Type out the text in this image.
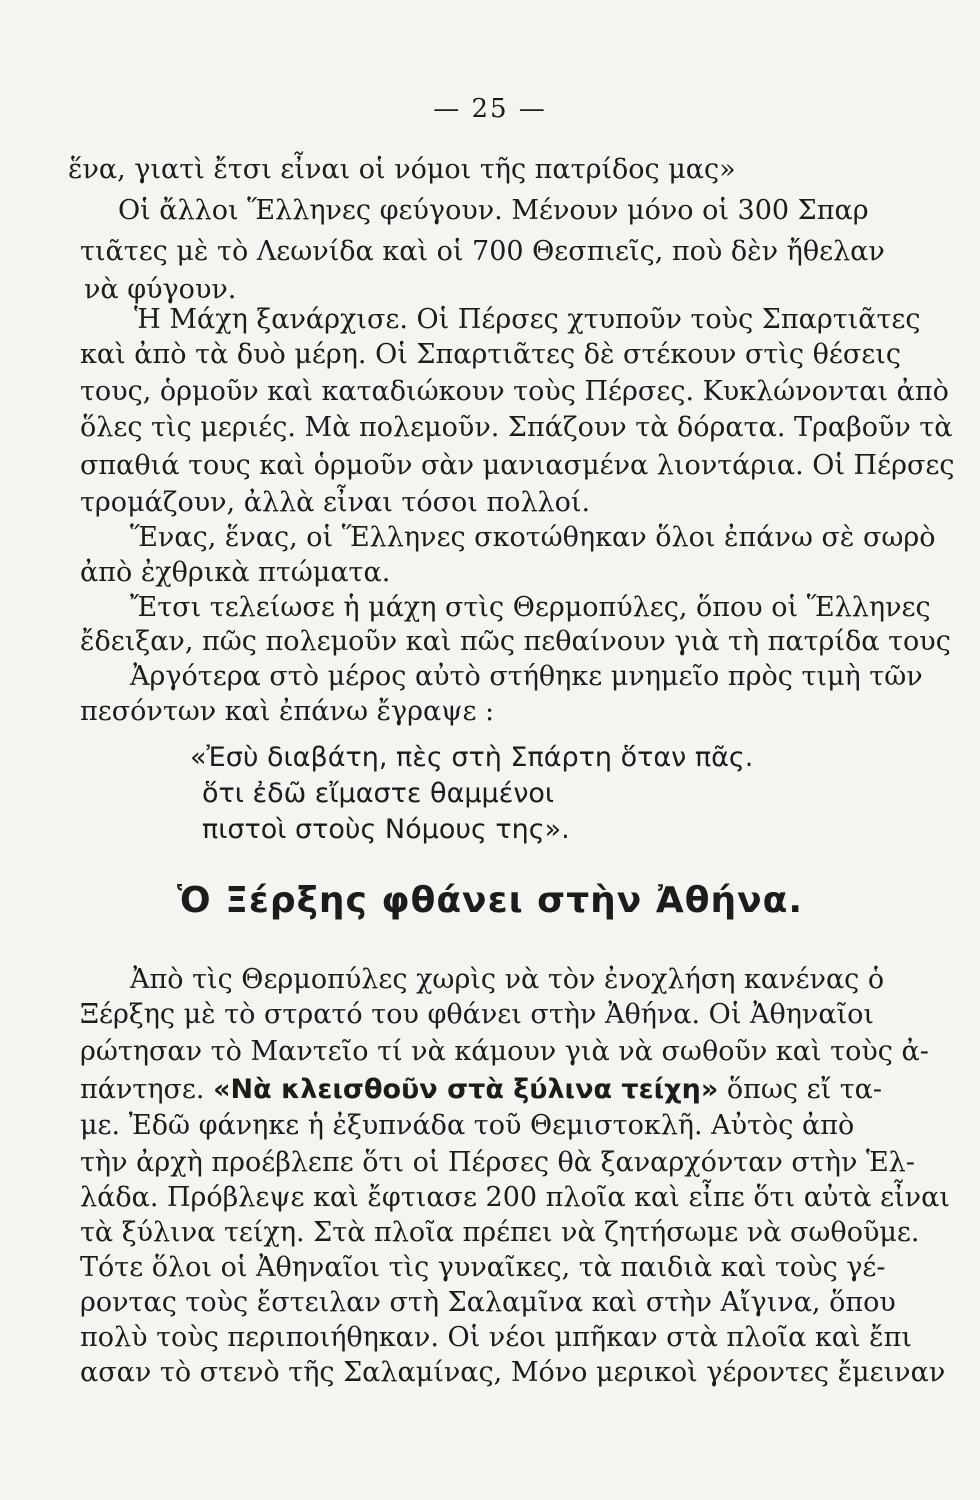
— 25 —
ἕνα, γιατὶ ἔτσι εἶναι οἱ νόμοι τῆς πατρίδος μας»
Οἱ ἄλλοι Ἕλληνες φεύγουν. Μένουν μόνο οἱ 300 Σπαρ
τιᾶτες μὲ τὸ Λεωνίδα καὶ οἱ 700 Θεσπιεῖς, ποὺ δὲν ἤθελαν
νὰ φύγουν.
Ἡ Μάχη ξανάρχισε. Οἱ Πέρσες χτυποῦν τοὺς Σπαρτιᾶτες
καὶ ἀπὸ τὰ δυὸ μέρη. Οἱ Σπαρτιᾶτες δὲ στέκουν στὶς θέσεις
τους, ὁρμοῦν καὶ καταδιώκουν τοὺς Πέρσες. Κυκλώνονται ἀπὸ
ὅλες τὶς μεριές. Μὰ πολεμοῦν. Σπάζουν τὰ δόρατα. Τραβοῦν τὰ
σπαθιά τους καὶ ὁρμοῦν σὰν μανιασμένα λιοντάρια. Οἱ Πέρσες
τρομάζουν, ἀλλὰ εἶναι τόσοι πολλοί.
Ἕνας, ἕνας, οἱ Ἕλληνες σκοτώθηκαν ὅλοι ἐπάνω σὲ σωρὸ
ἀπὸ ἐχθρικὰ πτώματα.
Ἔτσι τελείωσε ἡ μάχη στὶς Θερμοπύλες, ὅπου οἱ Ἕλληνες
ἔδειξαν, πῶς πολεμοῦν καὶ πῶς πεθαίνουν γιὰ τὴ πατρίδα τους
Ἀργότερα στὸ μέρος αὐτὸ στήθηκε μνημεῖο πρὸς τιμὴ τῶν
πεσόντων καὶ ἐπάνω ἔγραψε :
«Ἐσὺ διαβάτη, πὲς στὴ Σπάρτη ὅταν πᾶς.
ὅτι ἐδῶ εἴμαστε θαμμένοι
πιστοὶ στοὺς Νόμους της».
Ὁ Ξέρξης φθάνει στὴν Ἀθήνα.
Ἀπὸ τὶς Θερμοπύλες χωρὶς νὰ τὸν ἐνοχλήση κανένας ὁ
Ξέρξης μὲ τὸ στρατό του φθάνει στὴν Ἀθήνα. Οἱ Ἀθηναῖοι
ρώτησαν τὸ Μαντεῖο τί νὰ κάμουν γιὰ νὰ σωθοῦν καὶ τοὺς ἀ-
πάντησε. «Νὰ κλεισθοῦν στὰ ξύλινα τείχη» ὅπως εἴ τα-
με. Ἐδῶ φάνηκε ἡ ἐξυπνάδα τοῦ Θεμιστοκλῆ. Αὐτὸς ἀπὸ
τὴν ἀρχὴ προέβλεπε ὅτι οἱ Πέρσες θὰ ξαναρχόνταν στὴν Ἑλ-
λάδα. Πρόβλεψε καὶ ἔφτιασε 200 πλοῖα καὶ εἶπε ὅτι αὐτὰ εἶναι
τὰ ξύλινα τείχη. Στὰ πλοῖα πρέπει νὰ ζητήσωμε νὰ σωθοῦμε.
Τότε ὅλοι οἱ Ἀθηναῖοι τὶς γυναῖκες, τὰ παιδιὰ καὶ τοὺς γέ-
ροντας τοὺς ἔστειλαν στὴ Σαλαμῖνα καὶ στὴν Αἴγινα, ὅπου
πολὺ τοὺς περιποιήθηκαν. Οἱ νέοι μπῆκαν στὰ πλοῖα καὶ ἔπι
ασαν τὸ στενὸ τῆς Σαλαμίνας, Μόνο μερικοὶ γέροντες ἔμειναν
